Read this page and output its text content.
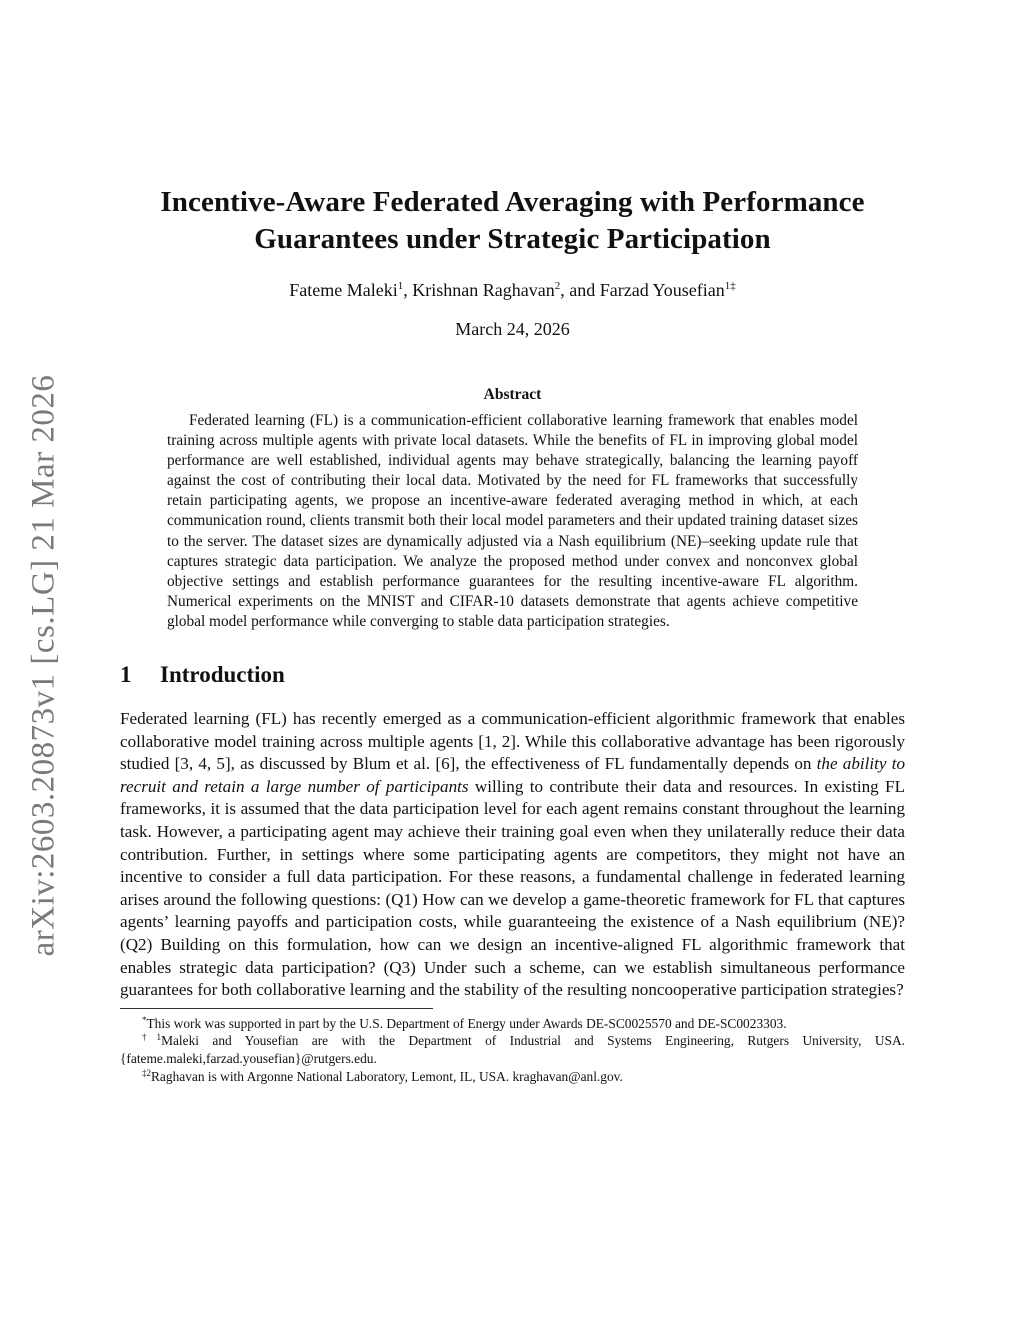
arXiv:2603.20873v1 [cs.LG] 21 Mar 2026
Incentive-Aware Federated Averaging with Performance
Guarantees under Strategic Participation
Fateme Maleki$^1$, Krishnan Raghavan$^2$, and Farzad Yousefian$^{1\ddagger}$
March 24, 2026
Abstract
Federated learning (FL) is a communication-efficient collaborative learning framework that enables model training across multiple agents with private local datasets. While the benefits of FL in improving global model performance are well established, individual agents may behave strategically, balancing the learning payoff against the cost of contributing their local data. Motivated by the need for FL frameworks that successfully retain participating agents, we propose an incentive-aware federated averaging method in which, at each communication round, clients transmit both their local model parameters and their updated training dataset sizes to the server. The dataset sizes are dynamically adjusted via a Nash equilibrium (NE)–seeking update rule that captures strategic data participation. We analyze the proposed method under convex and nonconvex global objective settings and establish performance guarantees for the resulting incentive-aware FL algorithm. Numerical experiments on the MNIST and CIFAR-10 datasets demonstrate that agents achieve competitive global model performance while converging to stable data participation strategies.
1 Introduction
Federated learning (FL) has recently emerged as a communication-efficient algorithmic framework that enables collaborative model training across multiple agents [1, 2]. While this collaborative advantage has been rigorously studied [3, 4, 5], as discussed by Blum et al. [6], the effectiveness of FL fundamentally depends on the ability to recruit and retain a large number of participants willing to contribute their data and resources. In existing FL frameworks, it is assumed that the data participation level for each agent remains constant throughout the learning task. However, a participating agent may achieve their training goal even when they unilaterally reduce their data contribution. Further, in settings where some participating agents are competitors, they might not have an incentive to consider a full data participation. For these reasons, a fundamental challenge in federated learning arises around the following questions: (Q1) How can we develop a game-theoretic framework for FL that captures agents’ learning payoffs and participation costs, while guaranteeing the existence of a Nash equilibrium (NE)? (Q2) Building on this formulation, how can we design an incentive-aligned FL algorithmic framework that enables strategic data participation? (Q3) Under such a scheme, can we establish simultaneous performance guarantees for both collaborative learning and the stability of the resulting noncooperative participation strategies?
*This work was supported in part by the U.S. Department of Energy under Awards DE-SC0025570 and DE-SC0023303.
$^{\dagger 1}$Maleki and Yousefian are with the Department of Industrial and Systems Engineering, Rutgers University, USA. {fateme.maleki,farzad.yousefian}@rutgers.edu.
$^{\ddagger 2}$Raghavan is with Argonne National Laboratory, Lemont, IL, USA. kraghavan@anl.gov.
